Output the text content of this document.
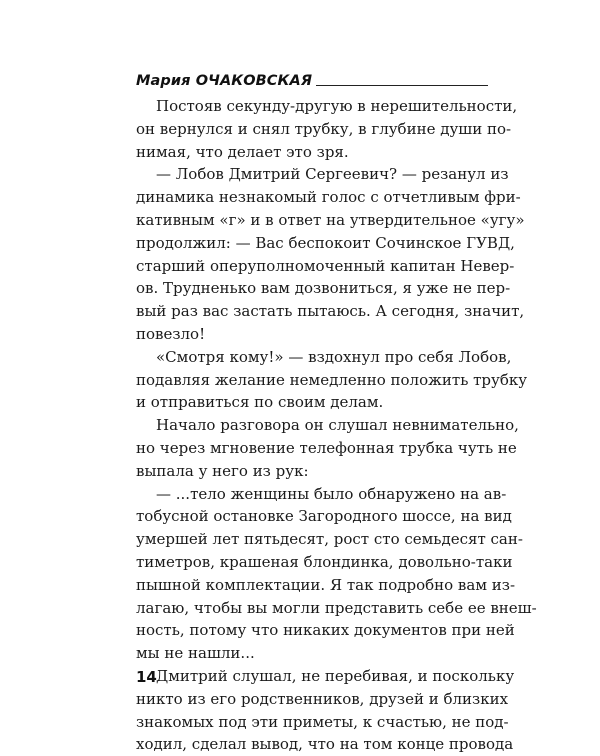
Мария ОЧАКОВСКАЯ
Постояв секунду-другую в нерешительности,
он вернулся и снял трубку, в глубине души по-
нимая, что делает это зря.
— Лобов Дмитрий Сергеевич? — резанул из
динамика незнакомый голос с отчетливым фри-
кативным «г» и в ответ на утвердительное «угу»
продолжил: — Вас беспокоит Сочинское ГУВД,
старший оперуполномоченный капитан Невер-
ов. Трудненько вам дозвониться, я уже не пер-
вый раз вас застать пытаюсь. А сегодня, значит,
повезло!
«Смотря кому!» — вздохнул про себя Лобов,
подавляя желание немедленно положить трубку
и отправиться по своим делам.
Начало разговора он слушал невнимательно,
но через мгновение телефонная трубка чуть не
выпала у него из рук:
— ...тело женщины было обнаружено на ав-
тобусной остановке Загородного шоссе, на вид
умершей лет пятьдесят, рост сто семьдесят сан-
тиметров, крашеная блондинка, довольно-таки
пышной комплектации. Я так подробно вам из-
лагаю, чтобы вы могли представить себе ее внеш-
ность, потому что никаких документов при ней
мы не нашли...
Дмитрий слушал, не перебивая, и поскольку
никто из его родственников, друзей и близких
знакомых под эти приметы, к счастью, не под-
ходил, сделал вывод, что на том конце провода
14
